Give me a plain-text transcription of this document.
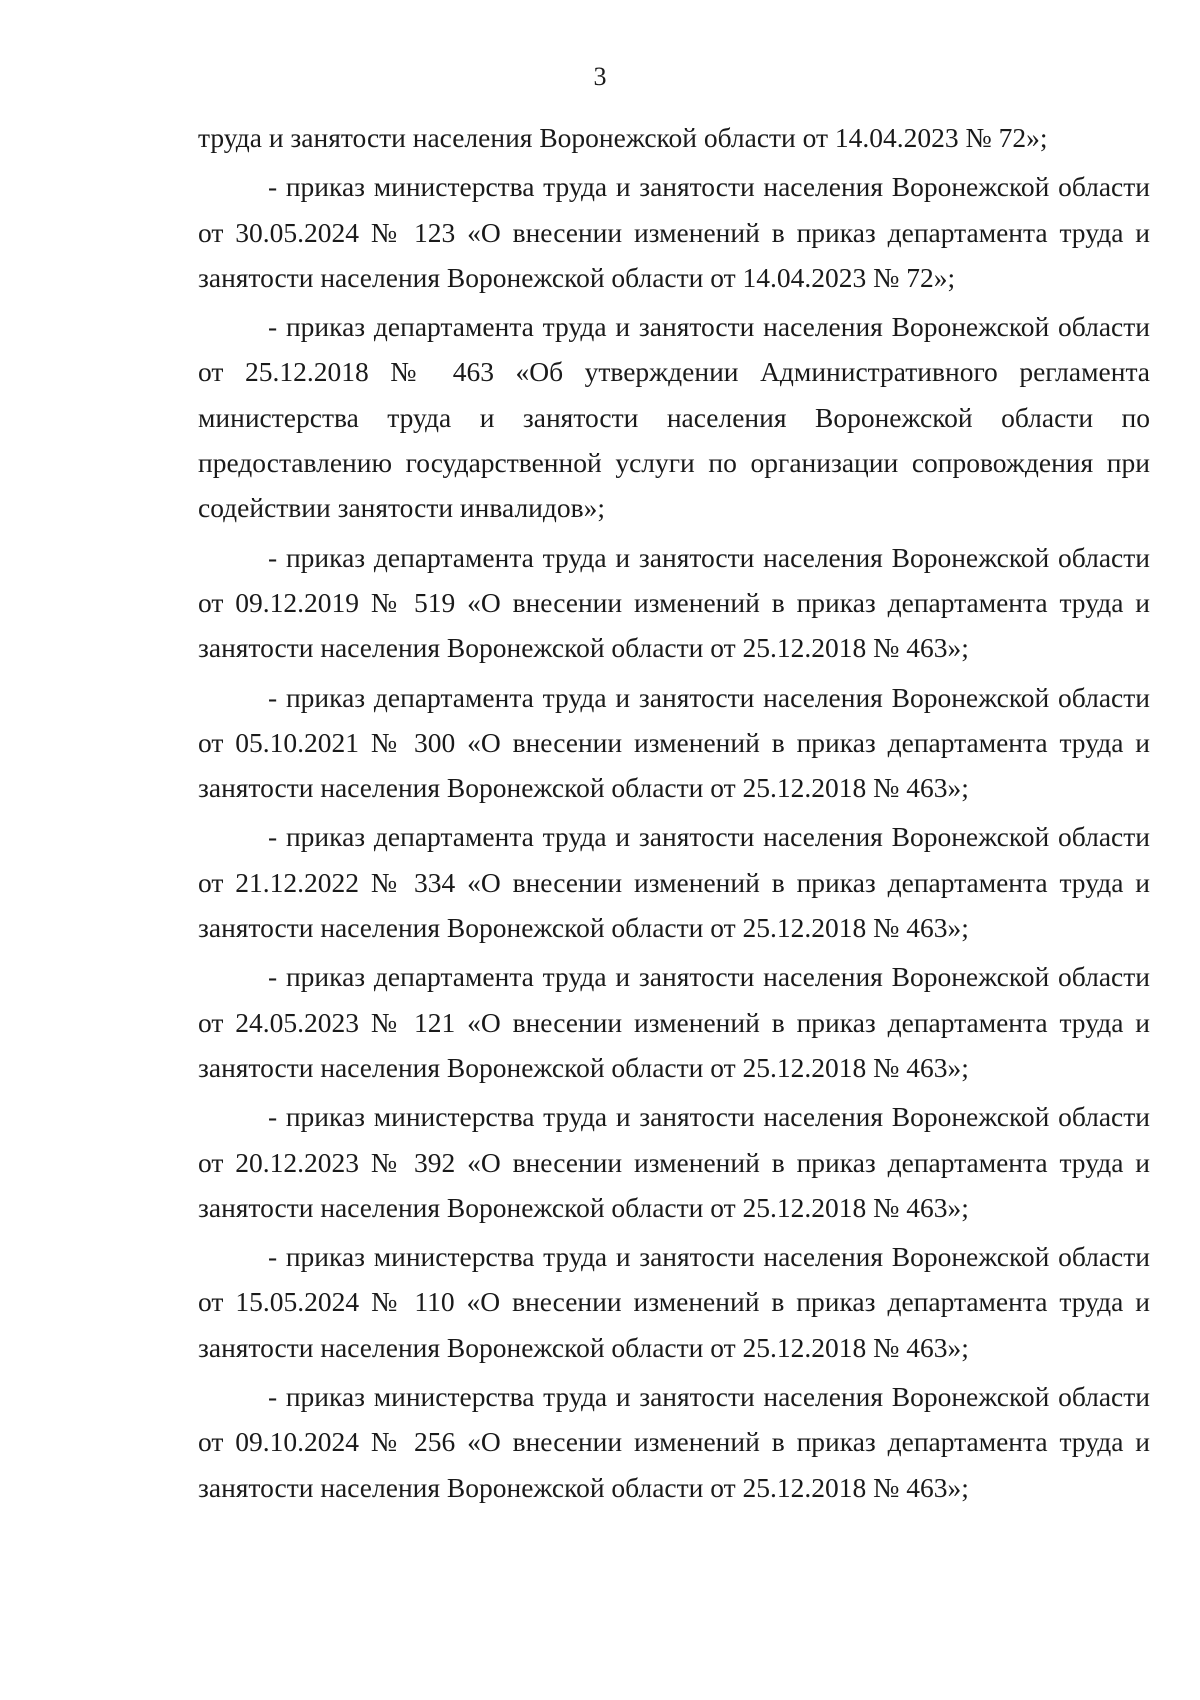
3

труда и занятости населения Воронежской области от 14.04.2023 № 72»;

- приказ министерства труда и занятости населения Воронежской области от 30.05.2024 № 123 «О внесении изменений в приказ департамента труда и занятости населения Воронежской области от 14.04.2023 № 72»;

- приказ департамента труда и занятости населения Воронежской области от 25.12.2018 № 463 «Об утверждении Административного регламента министерства труда и занятости населения Воронежской области по предоставлению государственной услуги по организации сопровождения при содействии занятости инвалидов»;

- приказ департамента труда и занятости населения Воронежской области от 09.12.2019 № 519 «О внесении изменений в приказ департамента труда и занятости населения Воронежской области от 25.12.2018 № 463»;

- приказ департамента труда и занятости населения Воронежской области от 05.10.2021 № 300 «О внесении изменений в приказ департамента труда и занятости населения Воронежской области от 25.12.2018 № 463»;

- приказ департамента труда и занятости населения Воронежской области от 21.12.2022 № 334 «О внесении изменений в приказ департамента труда и занятости населения Воронежской области от 25.12.2018 № 463»;

- приказ департамента труда и занятости населения Воронежской области от 24.05.2023 № 121 «О внесении изменений в приказ департамента труда и занятости населения Воронежской области от 25.12.2018 № 463»;

- приказ министерства труда и занятости населения Воронежской области от 20.12.2023 № 392 «О внесении изменений в приказ департамента труда и занятости населения Воронежской области от 25.12.2018 № 463»;

- приказ министерства труда и занятости населения Воронежской области от 15.05.2024 № 110 «О внесении изменений в приказ департамента труда и занятости населения Воронежской области от 25.12.2018 № 463»;

- приказ министерства труда и занятости населения Воронежской области от 09.10.2024 № 256 «О внесении изменений в приказ департамента труда и занятости населения Воронежской области от 25.12.2018 № 463»;
